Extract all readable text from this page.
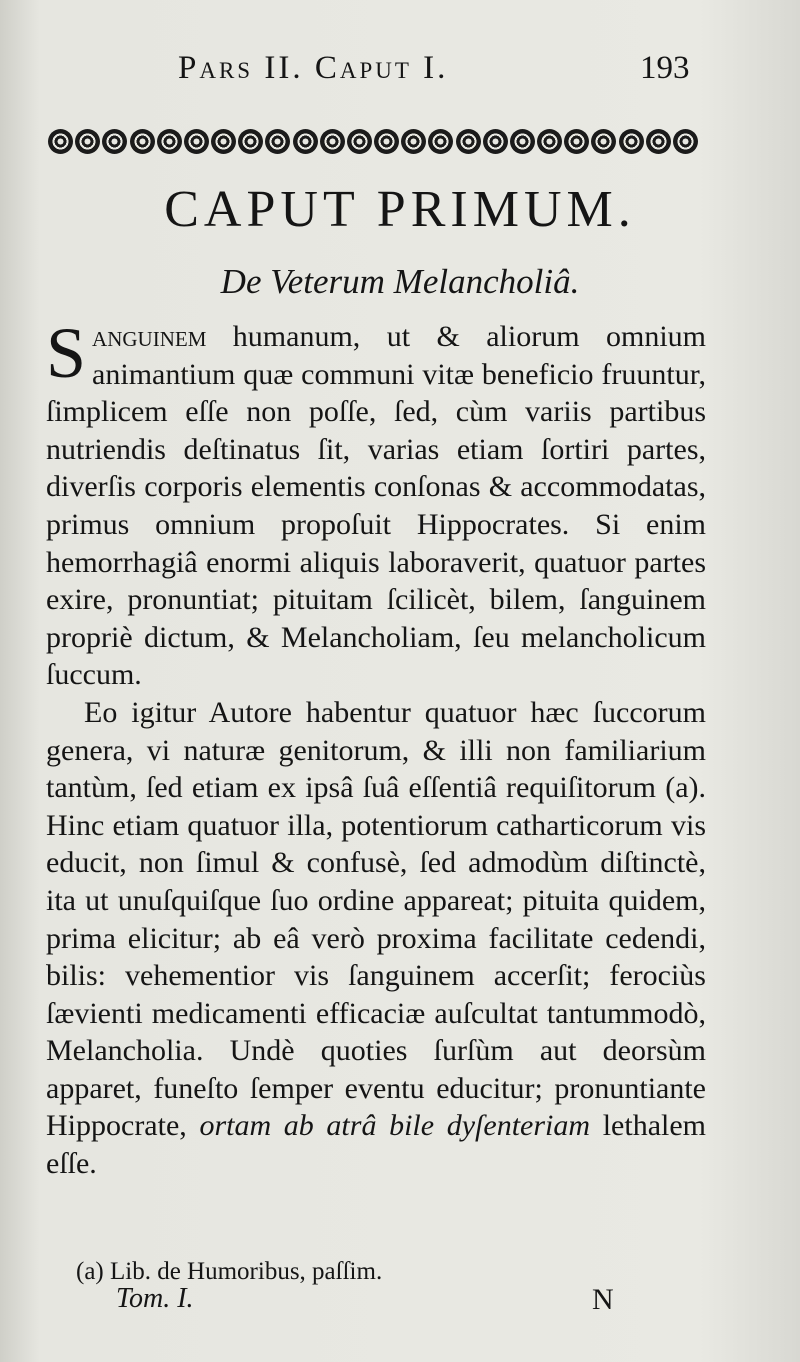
Pars II. Caput I.	193
CAPUT PRIMUM.
De Veterum Melancholiâ.

Sanguinem humanum, ut & aliorum omnium animantium quæ communi vitæ beneficio fruuntur, ſimplicem eſſe non poſſe, ſed, cùm variis partibus nutriendis deſtinatus ſit, varias etiam ſortiri partes, diverſis corporis elementis conſonas & accommodatas, primus omnium propoſuit Hippocrates. Si enim hemorrhagiâ enormi aliquis laboraverit, quatuor partes exire, pronuntiat; pituitam ſcilicèt, bilem, ſanguinem propriè dictum, & Melancholiam, ſeu melancholicum ſuccum.

Eo igitur Autore habentur quatuor hæc ſuccorum genera, vi naturæ genitorum, & illi non familiarium tantùm, ſed etiam ex ipsâ ſuâ eſſentiâ requiſitorum (a). Hinc etiam quatuor illa, potentiorum catharticorum vis educit, non ſimul & confusè, ſed admodùm diſtinctè, ita ut unuſquiſque ſuo ordine appareat; pituita quidem, prima elicitur; ab eâ verò proxima facilitate cedendi, bilis: vehementior vis ſanguinem accerſit; ferociùs ſævienti medicamenti efficaciæ auſcultat tantummodò, Melancholia. Undè quoties ſurſùm aut deorsùm apparet, funeſto ſemper eventu educitur; pronuntiante Hippocrate, ortam ab atrâ bile dyſenteriam lethalem eſſe.

(a) Lib. de Humoribus, paſſim.
Tom. I.	N
